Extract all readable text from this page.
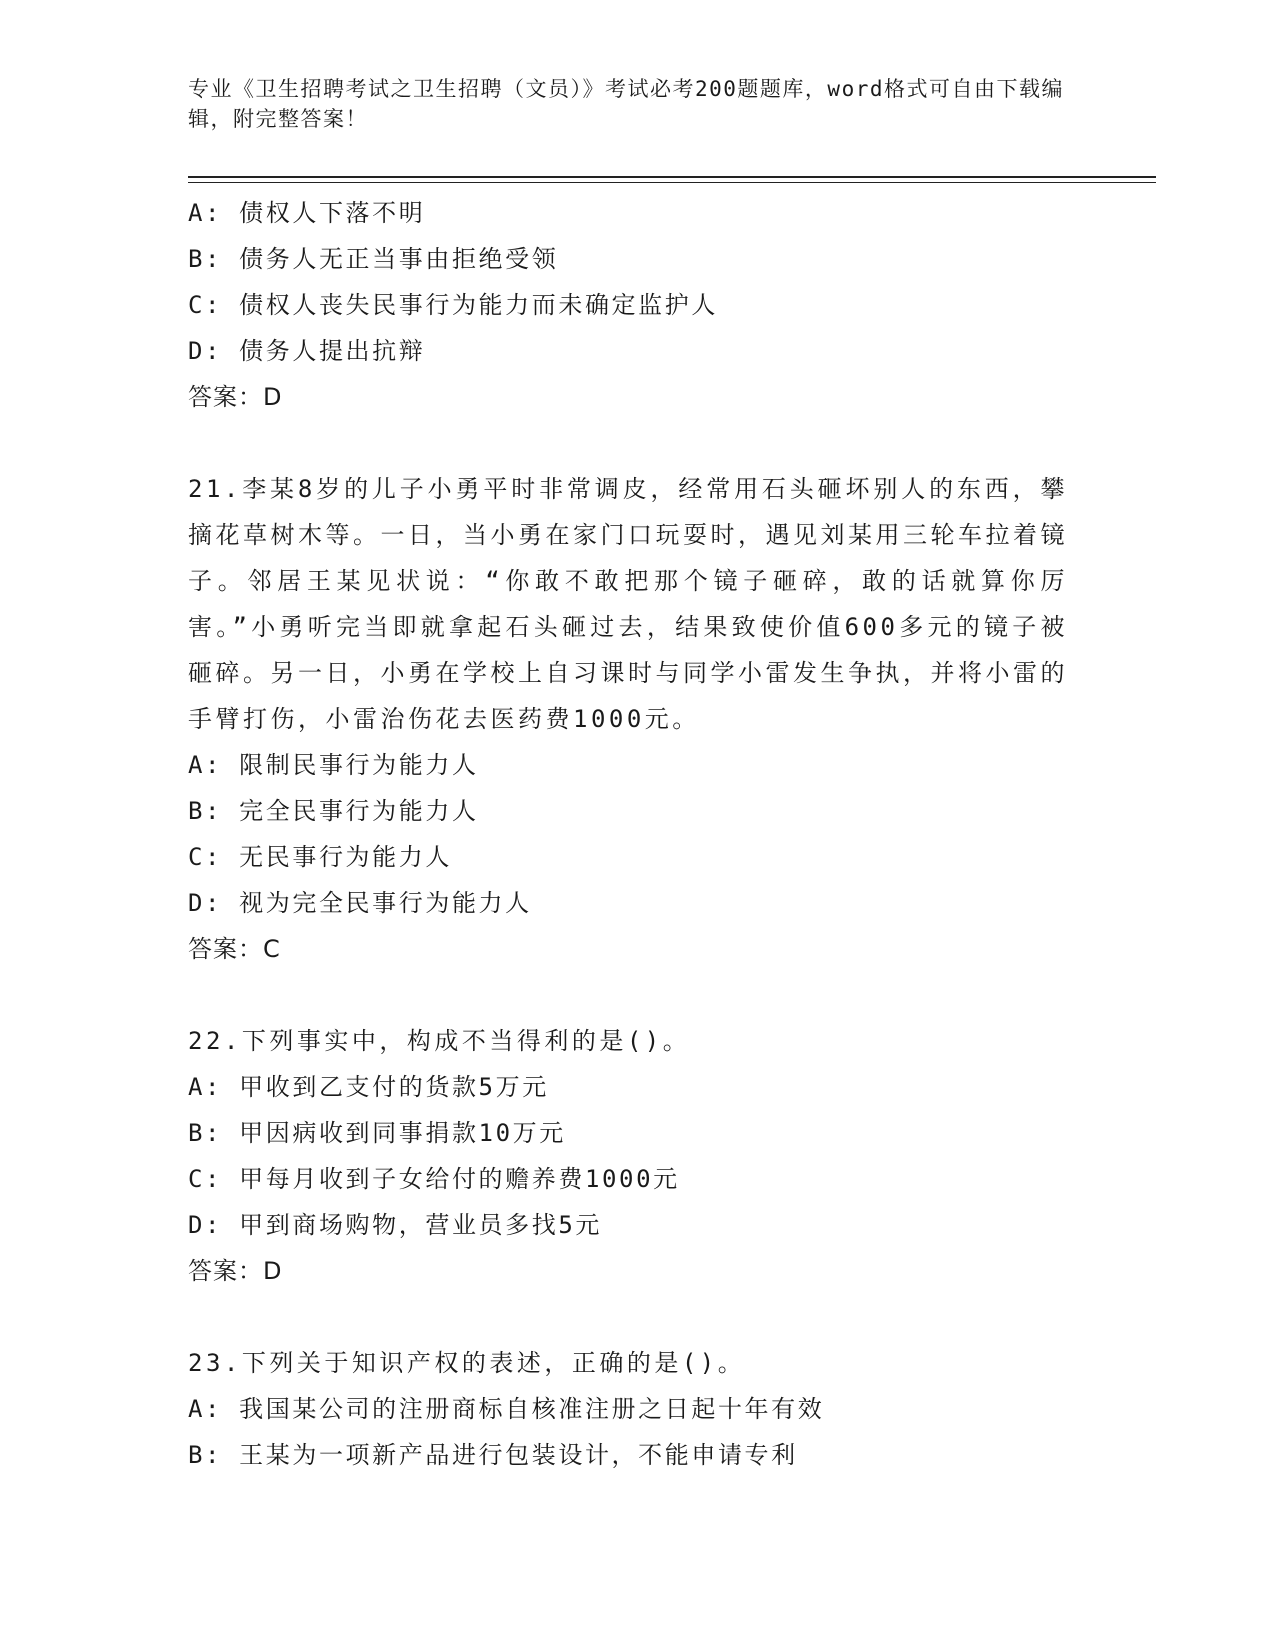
专业《卫生招聘考试之卫生招聘（文员）》考试必考200题题库，word格式可自由下载编辑，附完整答案！
A: 债权人下落不明
B: 债务人无正当事由拒绝受领
C: 债权人丧失民事行为能力而未确定监护人
D: 债务人提出抗辩
答案：D
21.李某8岁的儿子小勇平时非常调皮，经常用石头砸坏别人的东西，攀摘花草树木等。一日，当小勇在家门口玩耍时，遇见刘某用三轮车拉着镜子。邻居王某见状说：“你敢不敢把那个镜子砸碎，敢的话就算你厉害。”小勇听完当即就拿起石头砸过去，结果致使价值600多元的镜子被砸碎。另一日，小勇在学校上自习课时与同学小雷发生争执，并将小雷的手臂打伤，小雷治伤花去医药费1000元。
A: 限制民事行为能力人
B: 完全民事行为能力人
C: 无民事行为能力人
D: 视为完全民事行为能力人
答案：C
22.下列事实中，构成不当得利的是()。
A: 甲收到乙支付的货款5万元
B: 甲因病收到同事捐款10万元
C: 甲每月收到子女给付的赡养费1000元
D: 甲到商场购物，营业员多找5元
答案：D
23.下列关于知识产权的表述，正确的是()。
A: 我国某公司的注册商标自核准注册之日起十年有效
B: 王某为一项新产品进行包装设计，不能申请专利
